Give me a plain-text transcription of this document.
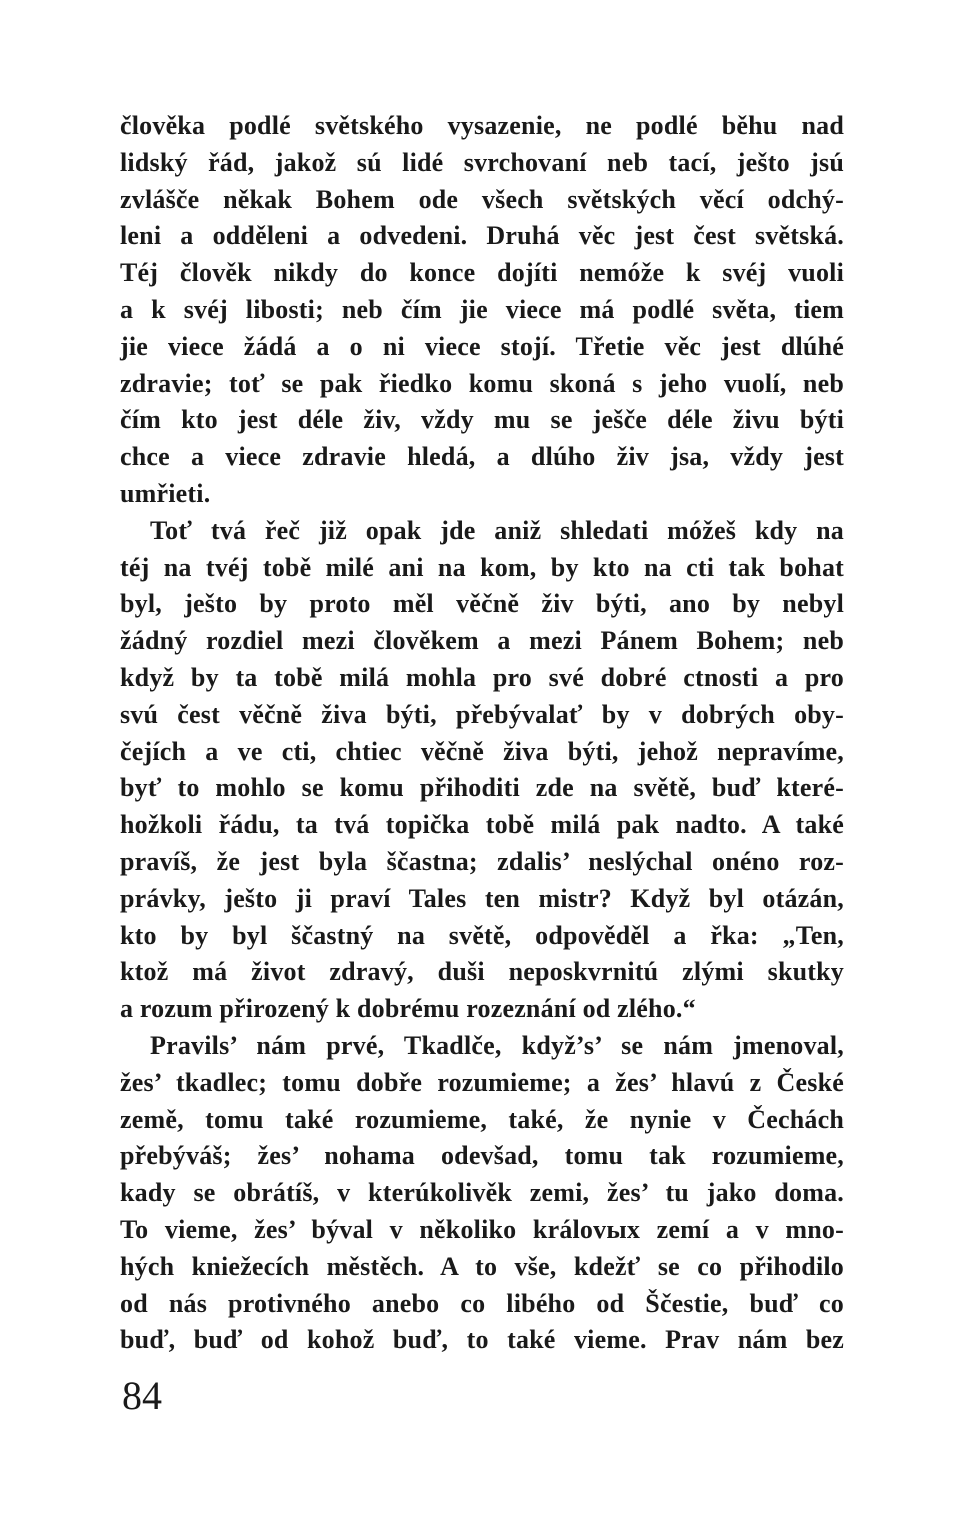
člověka podlé světského vysazenie, ne podlé běhu nad
lidský řád, jakož sú lidé svrchovaní neb tací, ješto jsú
zvláščе někak Bohem ode všech světských věcí odchý-
leni a odděleni a odvedeni. Druhá věc jest čest světská.
Téj člověk nikdy do konce dojíti nemóže k svéj vuoli
a k svéj libosti; neb čím jie viece má podlé světa, tiem
jie viece žádá a o ni viece stojí. Třetie věc jest dlúhé
zdravie; toť se pak řiedko komu skoná s jeho vuolí, neb
čím kto jest déle živ, vždy mu se ješče déle živu býti
chce a viece zdravie hledá, a dlúho živ jsa, vždy jest
umřieti.
Toť tvá řeč již opak jde aniž shledati móžeš kdy na
téj na tvéj tobě milé ani na kom, by kto na cti tak bohat
byl, ješto by proto měl věčně živ býti, ano by nebyl
žádný rozdiel mezi člověkem a mezi Pánem Bohem; neb
když by ta tobě milá mohla pro své dobré ctnosti a pro
svú čest věčně živa býti, přebývalať by v dobrých oby-
čejích a ve cti, chtiec věčně živa býti, jehož nepravíme,
byť to mohlo se komu přihoditi zde na světě, buď které-
hožkoli řádu, ta tvá topička tobě milá pak nadto. A také
pravíš, že jest byla ščastna; zdalis’ neslýchal onéno roz-
právky, ješto ji praví Tales ten mistr? Když byl otázán,
kto by byl ščastný na světě, odpověděl a řka: „Ten,
ktož má život zdravý, duši neposkvrnitú zlými skutky
a rozum přirozený k dobrému rozeznání od zlého.“
Pravils’ nám prvé, Tkadlče, když’s’ se nám jmenoval,
žes’ tkadlec; tomu dobře rozumieme; a žes’ hlavú z České
země, tomu také rozumieme, také, že nynie v Čechách
přebýváš; žes’ nohama odevšad, tomu tak rozumieme,
kady se obrátíš, v kterúkolivěk zemi, žes’ tu jako doma.
To vieme, žes’ býval v několiko královых zemí a v mno-
hých kniežecích městěch. A to vše, kdežť se co přihodilo
od nás protivného anebo co libého od Ščestie, buď co
buď, buď od kohož buď, to také vieme. Prav nám bez
84
